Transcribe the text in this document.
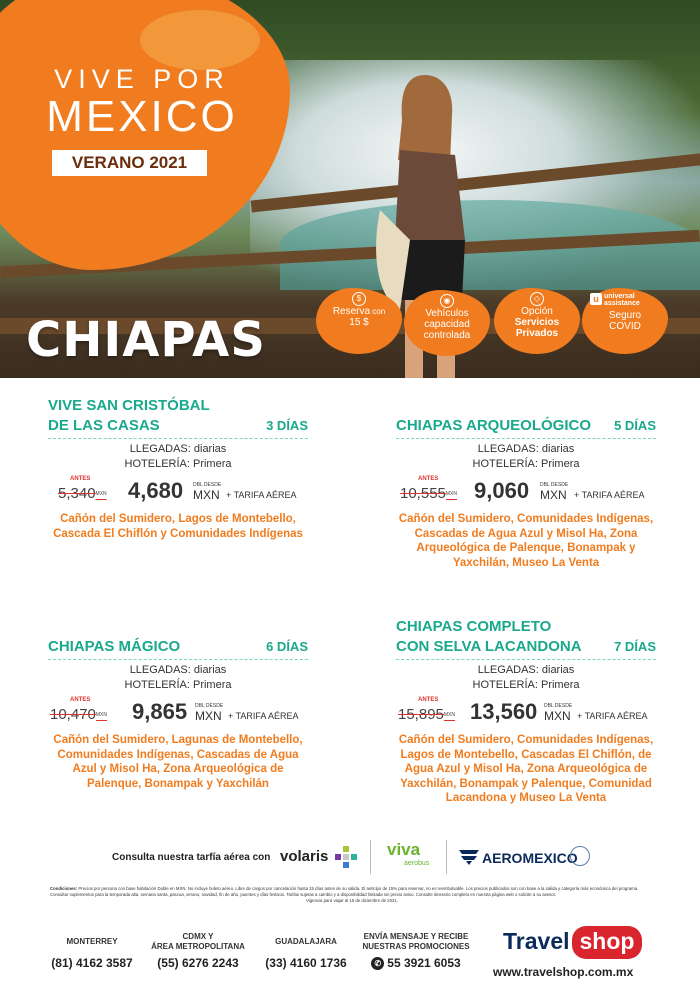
VIVE POR
MEXICO
VERANO 2021
CHIAPAS
$
Reserva con
15 $
◉
Vehículos
capacidad
controlada
◇
Opción
Servicios
Privados
u universal
assistance
Seguro
COVID
VIVE SAN CRISTÓBAL
DE LAS CASAS	3 DÍAS
LLEGADAS: diarias
HOTELERÍA: Primera
ANTES
5,340MXN 4,680 DBL DESDE
MXN + TARIFA AÉREA
Cañón del Sumidero, Lagos de Montebello, Cascada El Chiflón y Comunidades Indígenas

CHIAPAS ARQUEOLÓGICO 5 DÍAS
LLEGADAS: diarias
HOTELERÍA: Primera
ANTES
10,555MXN 9,060 DBL DESDE
MXN + TARIFA AÉREA
Cañón del Sumidero, Comunidades Indígenas, Cascadas de Agua Azul y Misol Ha, Zona Arqueológica de Palenque, Bonampak y Yaxchilán, Museo La Venta

CHIAPAS MÁGICO	6 DÍAS
LLEGADAS: diarias
HOTELERÍA: Primera
ANTES
10,470MXN 9,865 DBL DESDE
MXN + TARIFA AÉREA
Cañón del Sumidero, Lagunas de Montebello, Comunidades Indígenas, Cascadas de Agua Azul y Misol Ha, Zona Arqueológica de Palenque, Bonampak y Yaxchilán
CHIAPAS COMPLETO
CON SELVA LACANDONA	7 DÍAS
LLEGADAS: diarias
HOTELERÍA: Primera
ANTES
15,895MXN 13,560 DBL DESDE
MXN + TARIFA AÉREA
Cañón del Sumidero, Comunidades Indígenas, Lagos de Montebello, Cascadas El Chiflón, de Agua Azul y Misol Ha, Zona Arqueológica de Yaxchilán, Bonampak y Palenque, Comunidad Lacandona y Museo La Venta
Consulta nuestra tarfía aérea con volaris	viva
aerobus	AEROMEXICO
Condiciones: Precios por persona con base habitación Doble en MXN. No incluye boleto aéreo. Libre de cargos por cancelación hasta 15 días antes de su salida. El anticipo de 15% para reservar, no es reembolsable. Los precios publicados son con base a la salida y categoría más económica del programa. Consultar suplementos para la temporada alta, semana santa, pascua, verano, navidad, fin de año, puentes y días festivos. Tarifas sujetas a cambio y a disponibilidad limitada sin previo aviso. Consulte itinerario completo en nuestra página web o solicite a su asesor.
Vigencia para viajar al 15 de diciembre de 2021.
MONTERREY
(81) 4162 3587
CDMX Y
ÁREA METROPOLITANA
(55) 6276 2243
GUADALAJARA
(33) 4160 1736
ENVÍA MENSAJE Y RECIBE
NUESTRAS PROMOCIONES
✆ 55 3921 6053
Travel shop
www.travelshop.com.mx
